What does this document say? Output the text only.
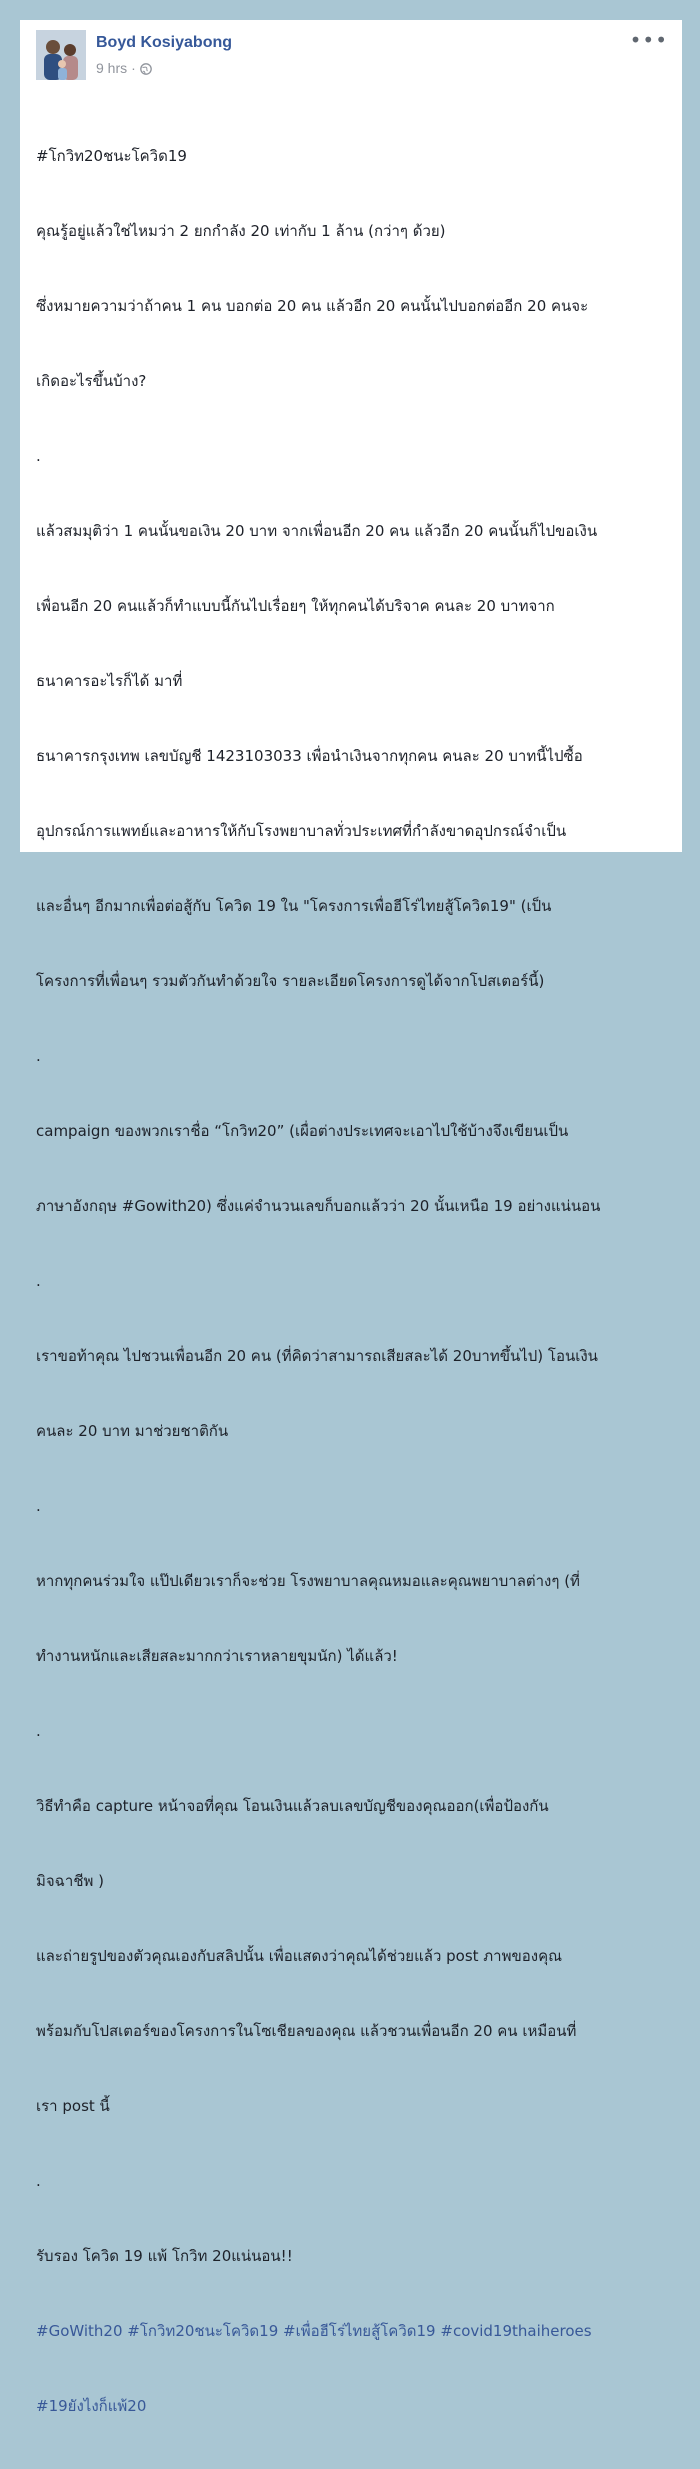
Boyd Kosiyabong
9 hrs ·
•••

#โกวิท20ชนะโควิด19

คุณรู้อยู่แล้วใช่ไหมว่า 2 ยกกำลัง 20 เท่ากับ 1 ล้าน (กว่าๆ ด้วย)

ซึ่งหมายความว่าถ้าคน 1 คน บอกต่อ 20 คน แล้วอีก 20 คนนั้นไปบอกต่ออีก 20 คนจะ

เกิดอะไรขึ้นบ้าง?

.

แล้วสมมุติว่า 1 คนนั้นขอเงิน 20 บาท จากเพื่อนอีก 20 คน แล้วอีก 20 คนนั้นก็ไปขอเงิน

เพื่อนอีก 20 คนแล้วก็ทำแบบนี้กันไปเรื่อยๆ ให้ทุกคนได้บริจาค คนละ 20 บาทจาก

ธนาคารอะไรก็ได้ มาที่

ธนาคารกรุงเทพ เลขบัญชี 1423103033 เพื่อนำเงินจากทุกคน คนละ 20 บาทนี้ไปซื้อ

อุปกรณ์การแพทย์และอาหารให้กับโรงพยาบาลทั่วประเทศที่กำลังขาดอุปกรณ์จำเป็น

และอื่นๆ อีกมากเพื่อต่อสู้กับ โควิด 19 ใน "โครงการเพื่อฮีโร่ไทยสู้โควิด19" (เป็น

โครงการที่เพื่อนๆ รวมตัวกันทำด้วยใจ รายละเอียดโครงการดูได้จากโปสเตอร์นี้)

.

campaign ของพวกเราชื่อ “โกวิท20” (เผื่อต่างประเทศจะเอาไปใช้บ้างจึงเขียนเป็น

ภาษาอังกฤษ #Gowith20) ซึ่งแค่จำนวนเลขก็บอกแล้วว่า 20 นั้นเหนือ 19 อย่างแน่นอน

.

เราขอท้าคุณ ไปชวนเพื่อนอีก 20 คน (ที่คิดว่าสามารถเสียสละได้ 20บาทขึ้นไป) โอนเงิน

คนละ 20 บาท มาช่วยชาติกัน

.

หากทุกคนร่วมใจ แป๊ปเดียวเราก็จะช่วย โรงพยาบาลคุณหมอและคุณพยาบาลต่างๆ (ที่

ทำงานหนักและเสียสละมากกว่าเราหลายขุมนัก) ได้แล้ว!

.

วิธีทำคือ capture หน้าจอที่คุณ โอนเงินแล้วลบเลขบัญชีของคุณออก(เพื่อป้องกัน

มิจฉาชีพ )

และถ่ายรูปของตัวคุณเองกับสลิปนั้น เพื่อแสดงว่าคุณได้ช่วยแล้ว post ภาพของคุณ

พร้อมกับโปสเตอร์ของโครงการในโซเชียลของคุณ แล้วชวนเพื่อนอีก 20 คน เหมือนที่

เรา post นี้

.

รับรอง โควิด 19 แพ้ โกวิท 20แน่นอน!!

#GoWith20 #โกวิท20ชนะโควิด19 #เพื่อฮีโร่ไทยสู้โควิด19 #covid19thaiheroes

#19ยังไงก็แพ้20
